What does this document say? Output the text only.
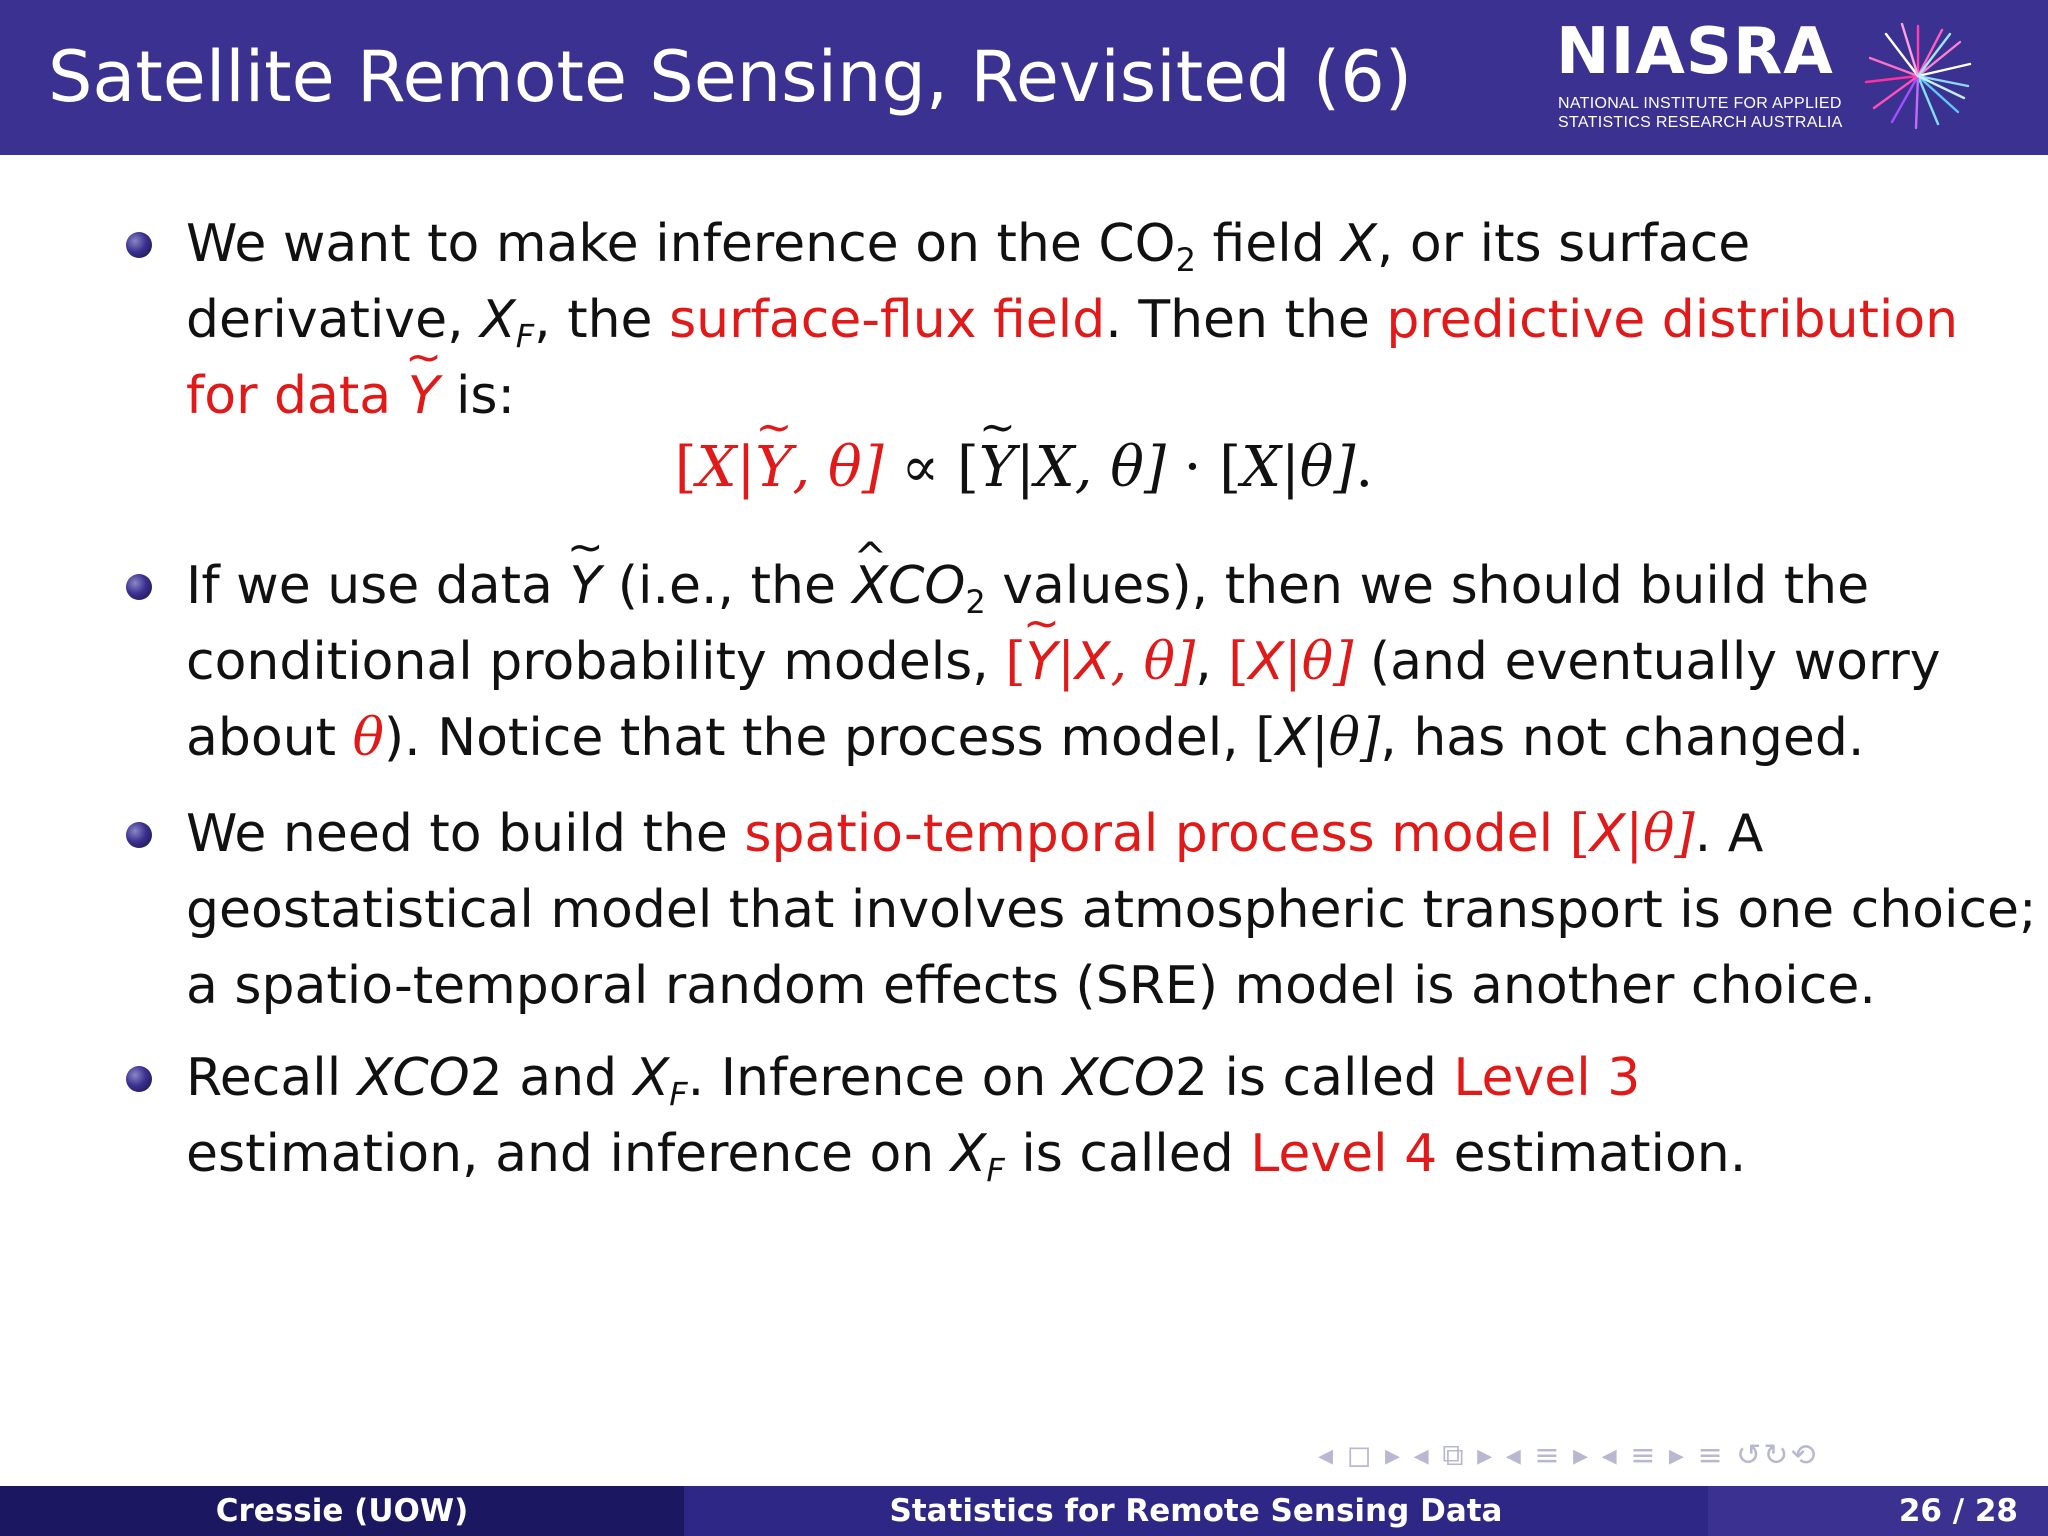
Satellite Remote Sensing, Revisited (6) NIASRA
NATIONAL INSTITUTE FOR APPLIED
STATISTICS RESEARCH AUSTRALIA
We want to make inference on the $CO_2$ field X, or its surface
derivative, $X_F$, the surface-flux field. Then the predictive distribution
for data ~ Y is:
[X|~ Y, θ] ∝ [~ Y|X, θ] · [X|θ].
If we use data ~ Y (i.e., the ^ $XCO_2$ values), then we should build the
conditional probability models, [~ Y|X, θ], [X|θ] (and eventually worry
about θ). Notice that the process model, [X|θ], has not changed.
We need to build the spatio-temporal process model [X|θ]. A
geostatistical model that involves atmospheric transport is one choice;
a spatio-temporal random effects (SRE) model is another choice.
Recall XCO2 and $X_F$. Inference on XCO2 is called Level 3
estimation, and inference on $X_F$ is called Level 4 estimation.
◂ ◻ ▸ ◂ ⧉ ▸ ◂ ≡ ▸ ◂ ≡ ▸ ≡ ↺↻⟲
Cressie (UOW)	Statistics for Remote Sensing Data	26 / 28
